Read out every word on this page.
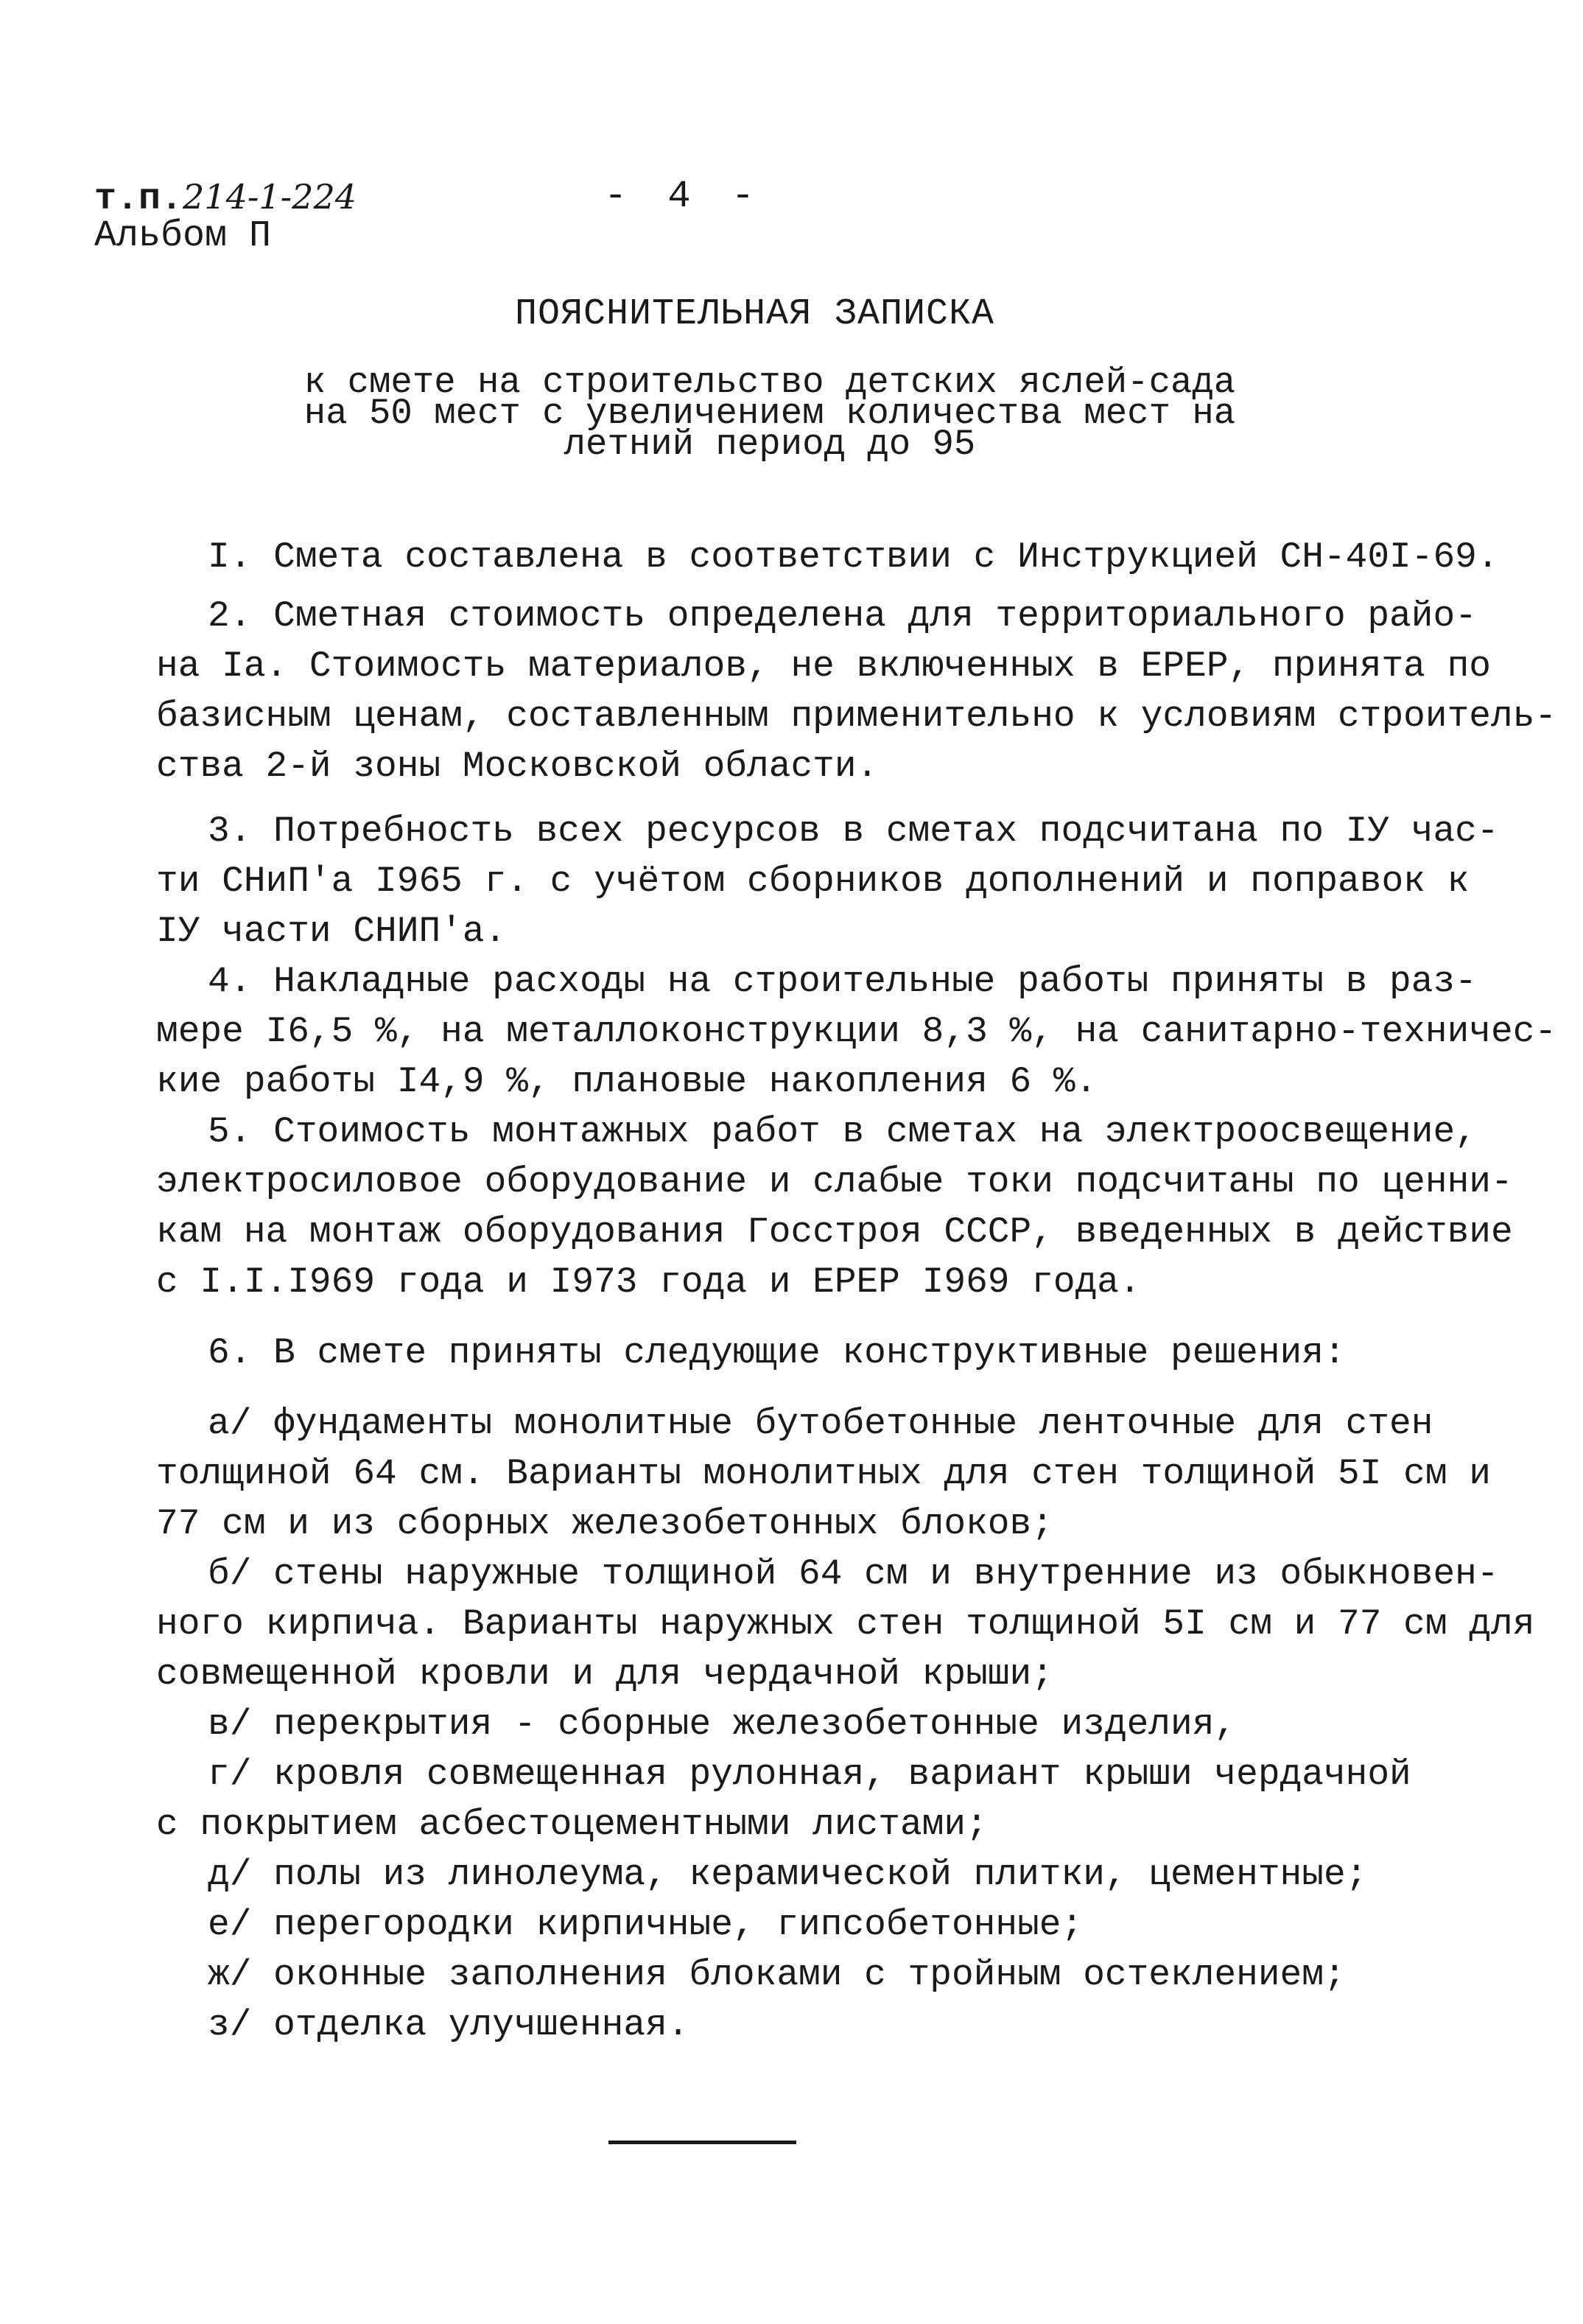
т.п.214-1-224
Альбом П
- 4 -
ПОЯСНИТЕЛЬНАЯ ЗАПИСКА
к смете на строительство детских яслей-сада
на 50 мест с увеличением количества мест на
летний период до 95
I. Смета составлена в соответствии с Инструкцией СН-40I-69.
2. Сметная стоимость определена для территориального райо-
на Iа. Стоимость материалов, не включенных в ЕРЕР, принята по
базисным ценам, составленным применительно к условиям строитель-
ства 2-й зоны Московской области.
3. Потребность всех ресурсов в сметах подсчитана по IУ час-
ти СНиП'а I965 г. с учётом сборников дополнений и поправок к
IУ части СНИП'а.
4. Накладные расходы на строительные работы приняты в раз-
мере I6,5 %, на металлоконструкции 8,3 %, на санитарно-техничес-
кие работы I4,9 %, плановые накопления 6 %.
5. Стоимость монтажных работ в сметах на электроосвещение,
электросиловое оборудование и слабые токи подсчитаны по ценни-
кам на монтаж оборудования Госстроя СССР, введенных в действие
с I.I.I969 года и I973 года и ЕРЕР I969 года.
6. В смете приняты следующие конструктивные решения:
а/ фундаменты монолитные бутобетонные ленточные для стен
толщиной 64 см. Варианты монолитных для стен толщиной 5I см и
77 см и из сборных железобетонных блоков;
б/ стены наружные толщиной 64 см и внутренние из обыкновен-
ного кирпича. Варианты наружных стен толщиной 5I см и 77 см для
совмещенной кровли и для чердачной крыши;
в/ перекрытия - сборные железобетонные изделия,
г/ кровля совмещенная рулонная, вариант крыши чердачной
с покрытием асбестоцементными листами;
д/ полы из линолеума, керамической плитки, цементные;
е/ перегородки кирпичные, гипсобетонные;
ж/ оконные заполнения блоками с тройным остеклением;
з/ отделка улучшенная.
